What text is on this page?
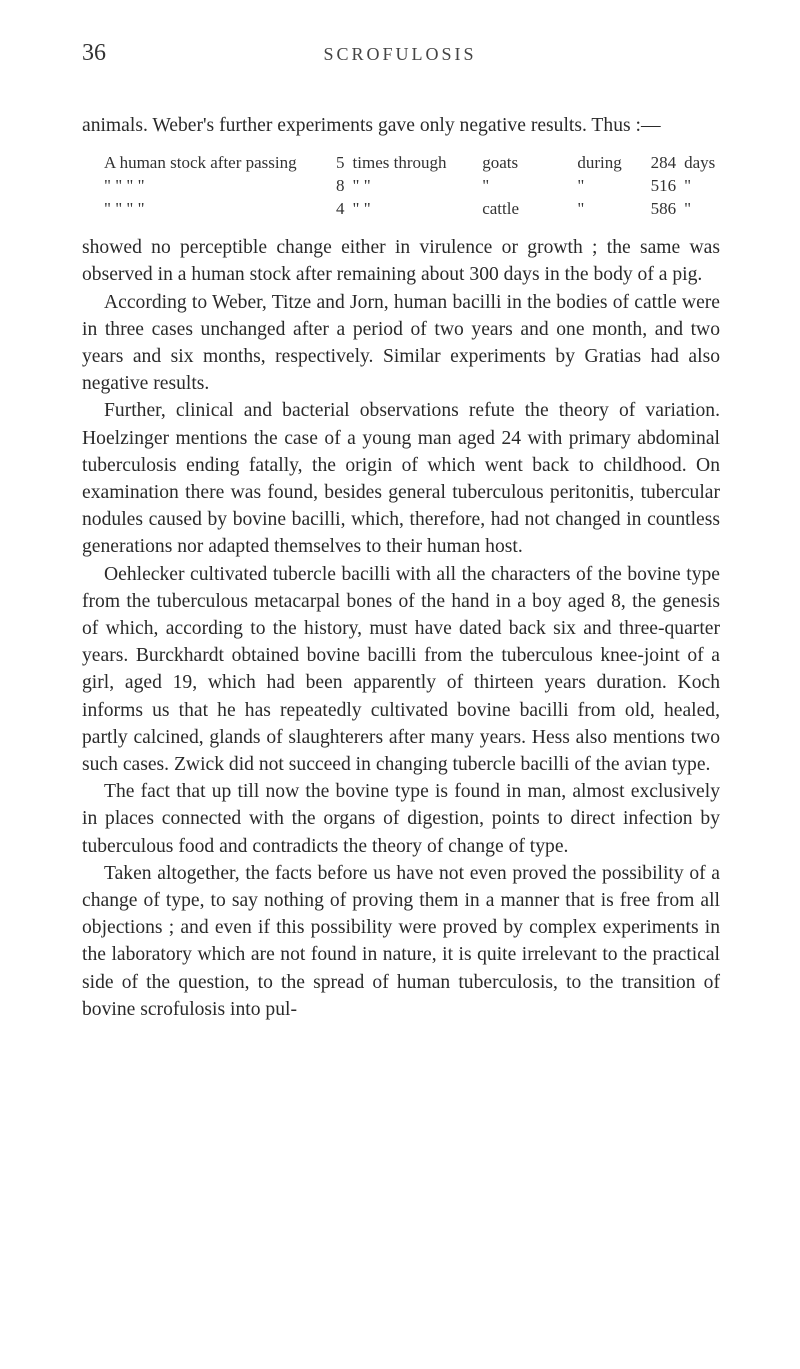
36	SCROFULOSIS

animals. Weber's further experiments gave only negative results. Thus :—

A human stock after passing	5 times through	goats	during	284 days
" " " "	8 " "	"	"	516 "
" " " "	4 " "	cattle	"	586 "

showed no perceptible change either in virulence or growth ; the same was observed in a human stock after remaining about 300 days in the body of a pig.

According to Weber, Titze and Jorn, human bacilli in the bodies of cattle were in three cases unchanged after a period of two years and one month, and two years and six months, respectively. Similar experiments by Gratias had also negative results.

Further, clinical and bacterial observations refute the theory of variation. Hoelzinger mentions the case of a young man aged 24 with primary abdominal tuberculosis ending fatally, the origin of which went back to childhood. On examination there was found, besides general tuberculous peritonitis, tubercular nodules caused by bovine bacilli, which, therefore, had not changed in countless generations nor adapted themselves to their human host.

Oehlecker cultivated tubercle bacilli with all the characters of the bovine type from the tuberculous metacarpal bones of the hand in a boy aged 8, the genesis of which, according to the history, must have dated back six and three-quarter years. Burckhardt obtained bovine bacilli from the tuberculous knee-joint of a girl, aged 19, which had been apparently of thirteen years duration. Koch informs us that he has repeatedly cultivated bovine bacilli from old, healed, partly calcined, glands of slaughterers after many years. Hess also mentions two such cases. Zwick did not succeed in changing tubercle bacilli of the avian type.

The fact that up till now the bovine type is found in man, almost exclusively in places connected with the organs of digestion, points to direct infection by tuberculous food and contradicts the theory of change of type.

Taken altogether, the facts before us have not even proved the possibility of a change of type, to say nothing of proving them in a manner that is free from all objections ; and even if this possibility were proved by complex experiments in the laboratory which are not found in nature, it is quite irrelevant to the practical side of the question, to the spread of human tuberculosis, to the transition of bovine scrofulosis into pul-
